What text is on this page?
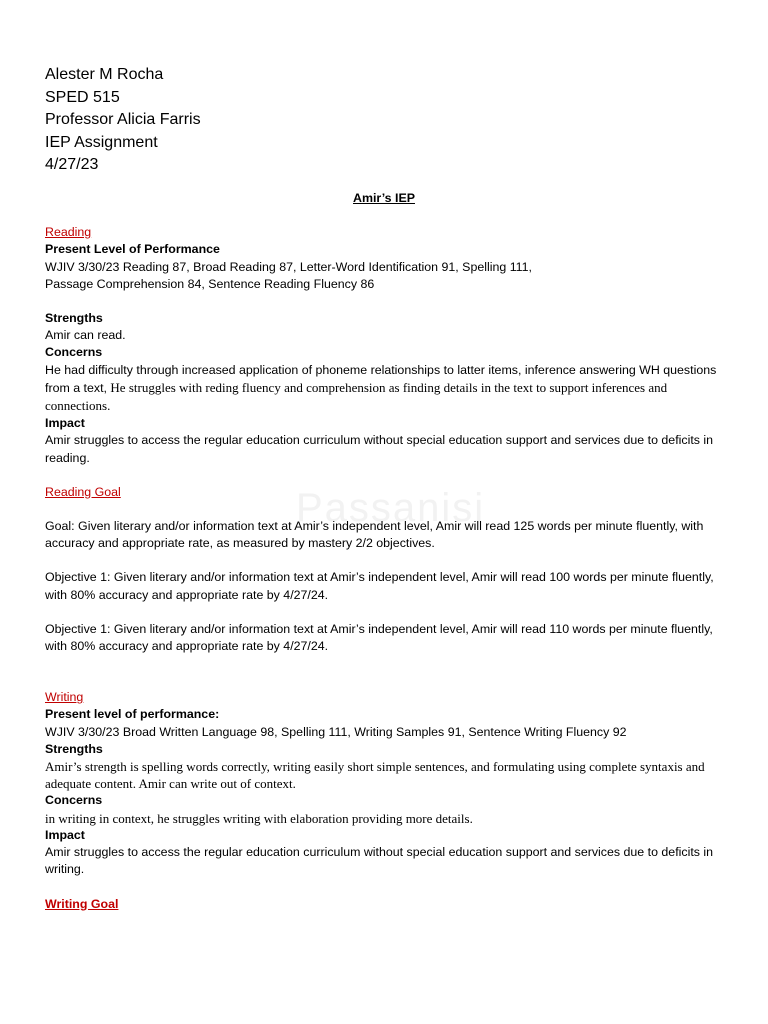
Passanisi
Alester M Rocha
SPED 515
Professor Alicia Farris
IEP Assignment
4/27/23
Amir’s IEP
Reading
Present Level of Performance
WJIV 3/30/23 Reading 87, Broad Reading 87, Letter-Word Identification 91, Spelling 111,
Passage Comprehension 84, Sentence Reading Fluency 86
Strengths
Amir can read.
Concerns
He had difficulty through increased application of phoneme relationships to latter items, inference answering WH questions from a text, He struggles with reding fluency and comprehension as finding details in the text to support inferences and connections.
Impact
Amir struggles to access the regular education curriculum without special education support and services due to deficits in reading.
Reading Goal
Goal: Given literary and/or information text at Amir’s independent level, Amir will read 125 words per minute fluently, with accuracy and appropriate rate, as measured by mastery 2/2 objectives.
Objective 1: Given literary and/or information text at Amir’s independent level, Amir will read 100 words per minute fluently, with 80% accuracy and appropriate rate by 4/27/24.
Objective 1: Given literary and/or information text at Amir’s independent level, Amir will read 110 words per minute fluently, with 80% accuracy and appropriate rate by 4/27/24.
Writing
Present level of performance:
WJIV 3/30/23 Broad Written Language 98, Spelling 111, Writing Samples 91, Sentence Writing Fluency 92
Strengths
Amir’s strength is spelling words correctly, writing easily short simple sentences, and formulating using complete syntaxis and adequate content. Amir can write out of context.
Concerns
in writing in context, he struggles writing with elaboration providing more details.
Impact
Amir struggles to access the regular education curriculum without special education support and services due to deficits in writing.
Writing Goal
